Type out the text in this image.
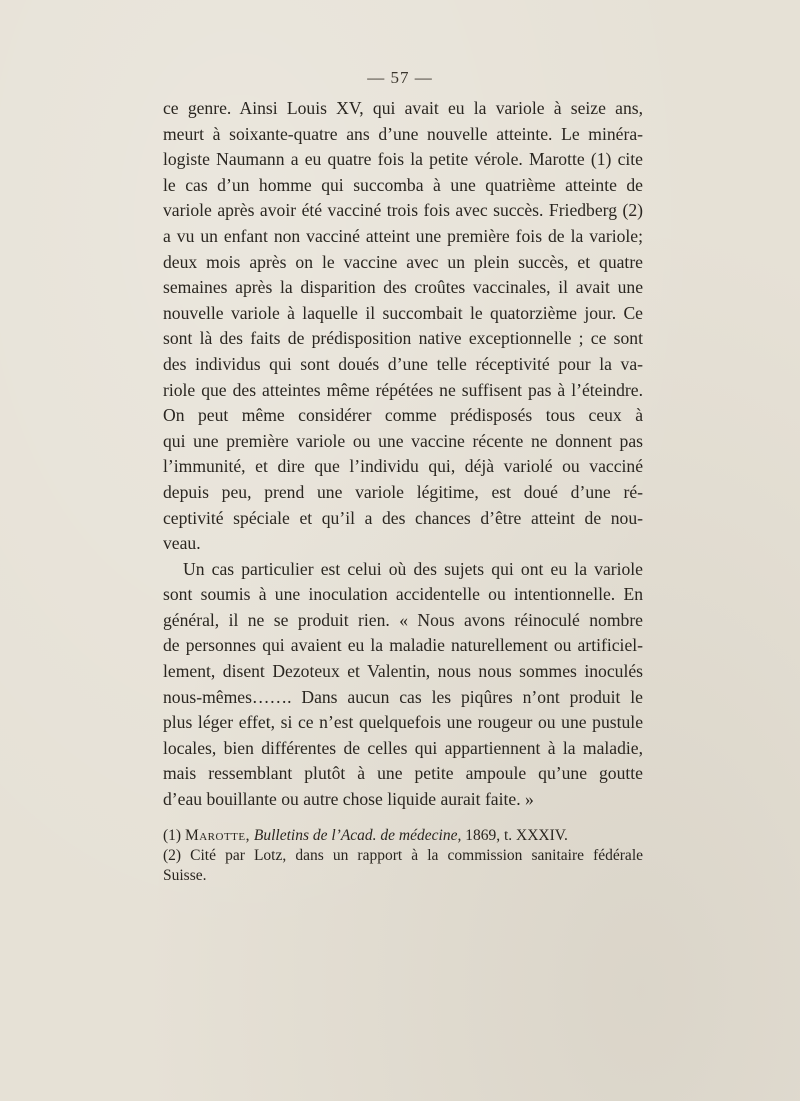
— 57 —
ce genre. Ainsi Louis XV, qui avait eu la variole à seize ans,
meurt à soixante-quatre ans d’une nouvelle atteinte. Le minéra-
logiste Naumann a eu quatre fois la petite vérole. Marotte (1) cite
le cas d’un homme qui succomba à une quatrième atteinte de
variole après avoir été vacciné trois fois avec succès. Friedberg (2)
a vu un enfant non vacciné atteint une première fois de la variole;
deux mois après on le vaccine avec un plein succès, et quatre
semaines après la disparition des croûtes vaccinales, il avait une
nouvelle variole à laquelle il succombait le quatorzième jour. Ce
sont là des faits de prédisposition native exceptionnelle ; ce sont
des individus qui sont doués d’une telle réceptivité pour la va-
riole que des atteintes même répétées ne suffisent pas à l’éteindre.
On peut même considérer comme prédisposés tous ceux à
qui une première variole ou une vaccine récente ne donnent pas
l’immunité, et dire que l’individu qui, déjà variolé ou vacciné
depuis peu, prend une variole légitime, est doué d’une ré-
ceptivité spéciale et qu’il a des chances d’être atteint de nou-
veau.
Un cas particulier est celui où des sujets qui ont eu la variole
sont soumis à une inoculation accidentelle ou intentionnelle. En
général, il ne se produit rien. « Nous avons réinoculé nombre
de personnes qui avaient eu la maladie naturellement ou artificiel-
lement, disent Dezoteux et Valentin, nous nous sommes inoculés
nous-mêmes……. Dans aucun cas les piqûres n’ont produit le
plus léger effet, si ce n’est quelquefois une rougeur ou une pustule
locales, bien différentes de celles qui appartiennent à la maladie,
mais ressemblant plutôt à une petite ampoule qu’une goutte
d’eau bouillante ou autre chose liquide aurait faite. »
(1) Marotte, Bulletins de l’Acad. de médecine, 1869, t. XXXIV.
(2) Cité par Lotz, dans un rapport à la commission sanitaire fédérale
Suisse.
